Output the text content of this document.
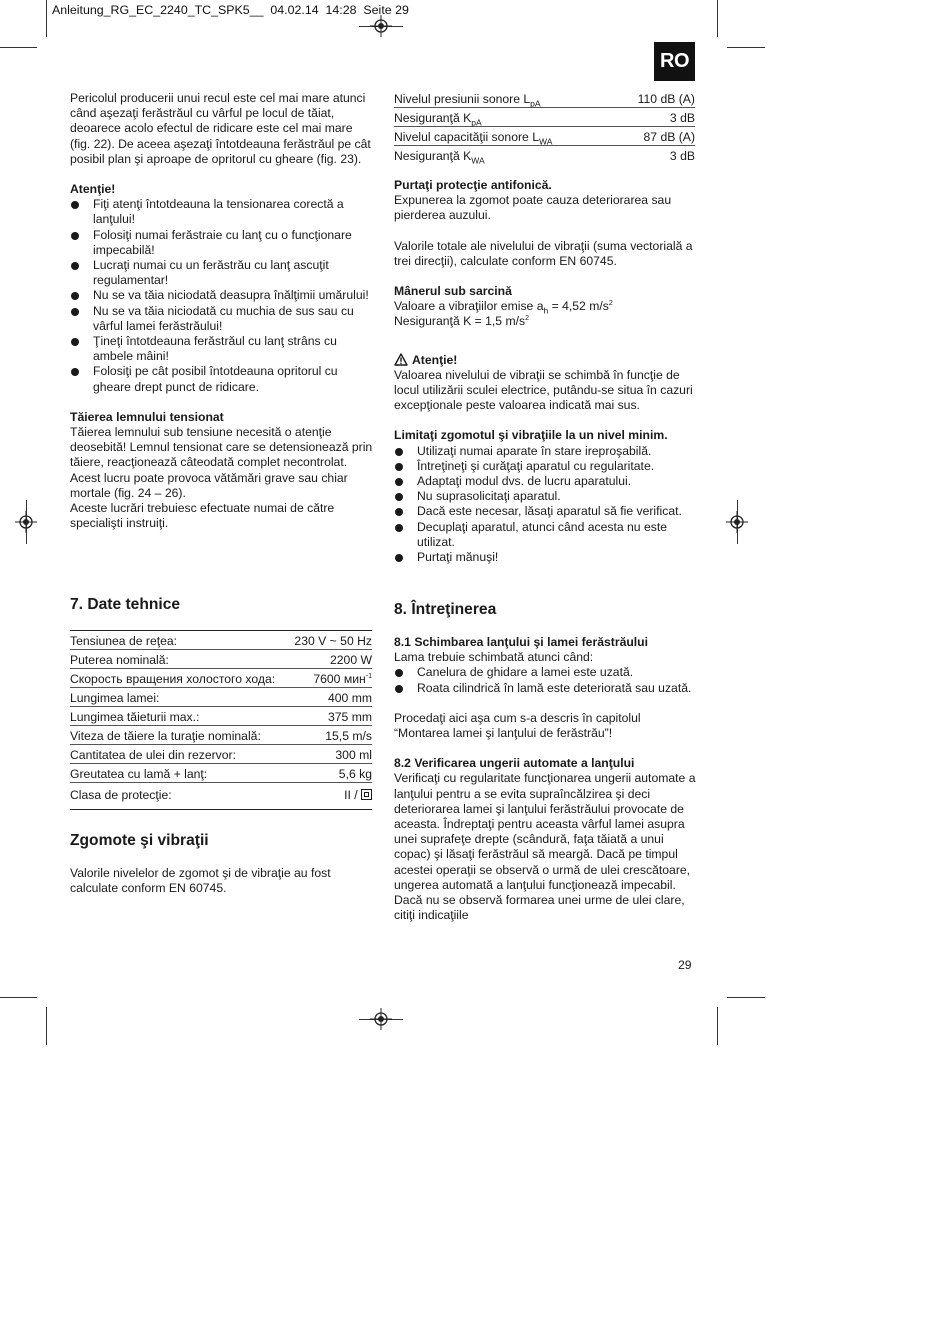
Anleitung_RG_EC_2240_TC_SPK5__ 04.02.14 14:28 Seite 29
RO

Pericolul producerii unui recul este cel mai mare atunci când aşezaţi ferăstrăul cu vârful pe locul de tăiat, deoarece acolo efectul de ridicare este cel mai mare (fig. 22). De aceea aşezaţi întotdeauna ferăstrăul pe cât posibil plan şi aproape de opritorul cu gheare (fig. 23).

Atenţie!

Fiţi atenţi întotdeauna la tensionarea corectă a lanţului!
Folosiţi numai ferăstraie cu lanţ cu o funcţionare impecabilă!
Lucraţi numai cu un ferăstrău cu lanţ ascuţit regulamentar!
Nu se va tăia niciodată deasupra înălţimii umărului!
Nu se va tăia niciodată cu muchia de sus sau cu vârful lamei ferăstrăului!
Ţineţi întotdeauna ferăstrăul cu lanţ strâns cu ambele mâini!
Folosiţi pe cât posibil întotdeauna opritorul cu gheare drept punct de ridicare.

Tăierea lemnului tensionat

Tăierea lemnului sub tensiune necesită o atenţie deosebită! Lemnul tensionat care se detensionează prin tăiere, reacţionează câteodată complet necontrolat. Acest lucru poate provoca vătămări grave sau chiar mortale (fig. 24 – 26).

Aceste lucrări trebuiesc efectuate numai de către specialişti instruiţi.

7. Date tehnice
Tensiunea de reţea:	230 V ~ 50 Hz
Puterea nominală:	2200 W
Скорость вращения холостого хода:	7600 мин$^{-1}$
Lungimea lamei:	400 mm
Lungimea tăieturii max.:	375 mm
Viteza de tăiere la turaţie nominală:	15,5 m/s
Cantitatea de ulei din rezervor:	300 ml
Greutatea cu lamă + lanţ:	5,6 kg
Clasa de protecţie:	II /
Zgomote şi vibraţii

Valorile nivelelor de zgomot şi de vibraţie au fost calculate conform EN 60745.

Nivelul presiunii sonore $L_{pA}$	110 dB (A)
Nesiguranţă $K_{pA}$	3 dB
Nivelul capacităţii sonore $L_{WA}$	87 dB (A)
Nesiguranţă $K_{WA}$	3 dB

Purtaţi protecţie antifonică.

Expunerea la zgomot poate cauza deteriorarea sau pierderea auzului.

Valorile totale ale nivelului de vibraţii (suma vectorială a trei direcţii), calculate conform EN 60745.

Mânerul sub sarcină

Valoare a vibraţiilor emise $a_h = 4,52$ $m/s^2$

Nesiguranţă K = 1,5 $m/s^2$

Atenţie!

Valoarea nivelului de vibraţii se schimbă în funcţie de locul utilizării sculei electrice, putându-se situa în cazuri excepţionale peste valoarea indicată mai sus.

Limitaţi zgomotul şi vibraţiile la un nivel minim.

Utilizaţi numai aparate în stare ireproşabilă.
Întreţineţi şi curăţaţi aparatul cu regularitate.
Adaptaţi modul dvs. de lucru aparatului.
Nu suprasolicitaţi aparatul.
Dacă este necesar, lăsaţi aparatul să fie verificat.
Decuplaţi aparatul, atunci când acesta nu este utilizat.
Purtaţi mănuşi!
8. Întreţinerea

8.1 Schimbarea lanţului şi lamei ferăstrăului

Lama trebuie schimbată atunci când:

Canelura de ghidare a lamei este uzată.
Roata cilindrică în lamă este deteriorată sau uzată.

Procedaţi aici aşa cum s-a descris în capitolul “Montarea lamei şi lanţului de ferăstrău”!

8.2 Verificarea ungerii automate a lanţului

Verificaţi cu regularitate funcţionarea ungerii automate a lanţului pentru a se evita supraîncălzirea şi deci deteriorarea lamei şi lanţului ferăstrăului provocate de aceasta. Îndreptaţi pentru aceasta vârful lamei asupra unei suprafeţe drepte (scândură, faţa tăiată a unui copac) şi lăsaţi ferăstrăul să meargă. Dacă pe timpul acestei operaţii se observă o urmă de ulei crescătoare, ungerea automată a lanţului funcţionează impecabil. Dacă nu se observă formarea unei urme de ulei clare, citiţi indicaţiile

29
